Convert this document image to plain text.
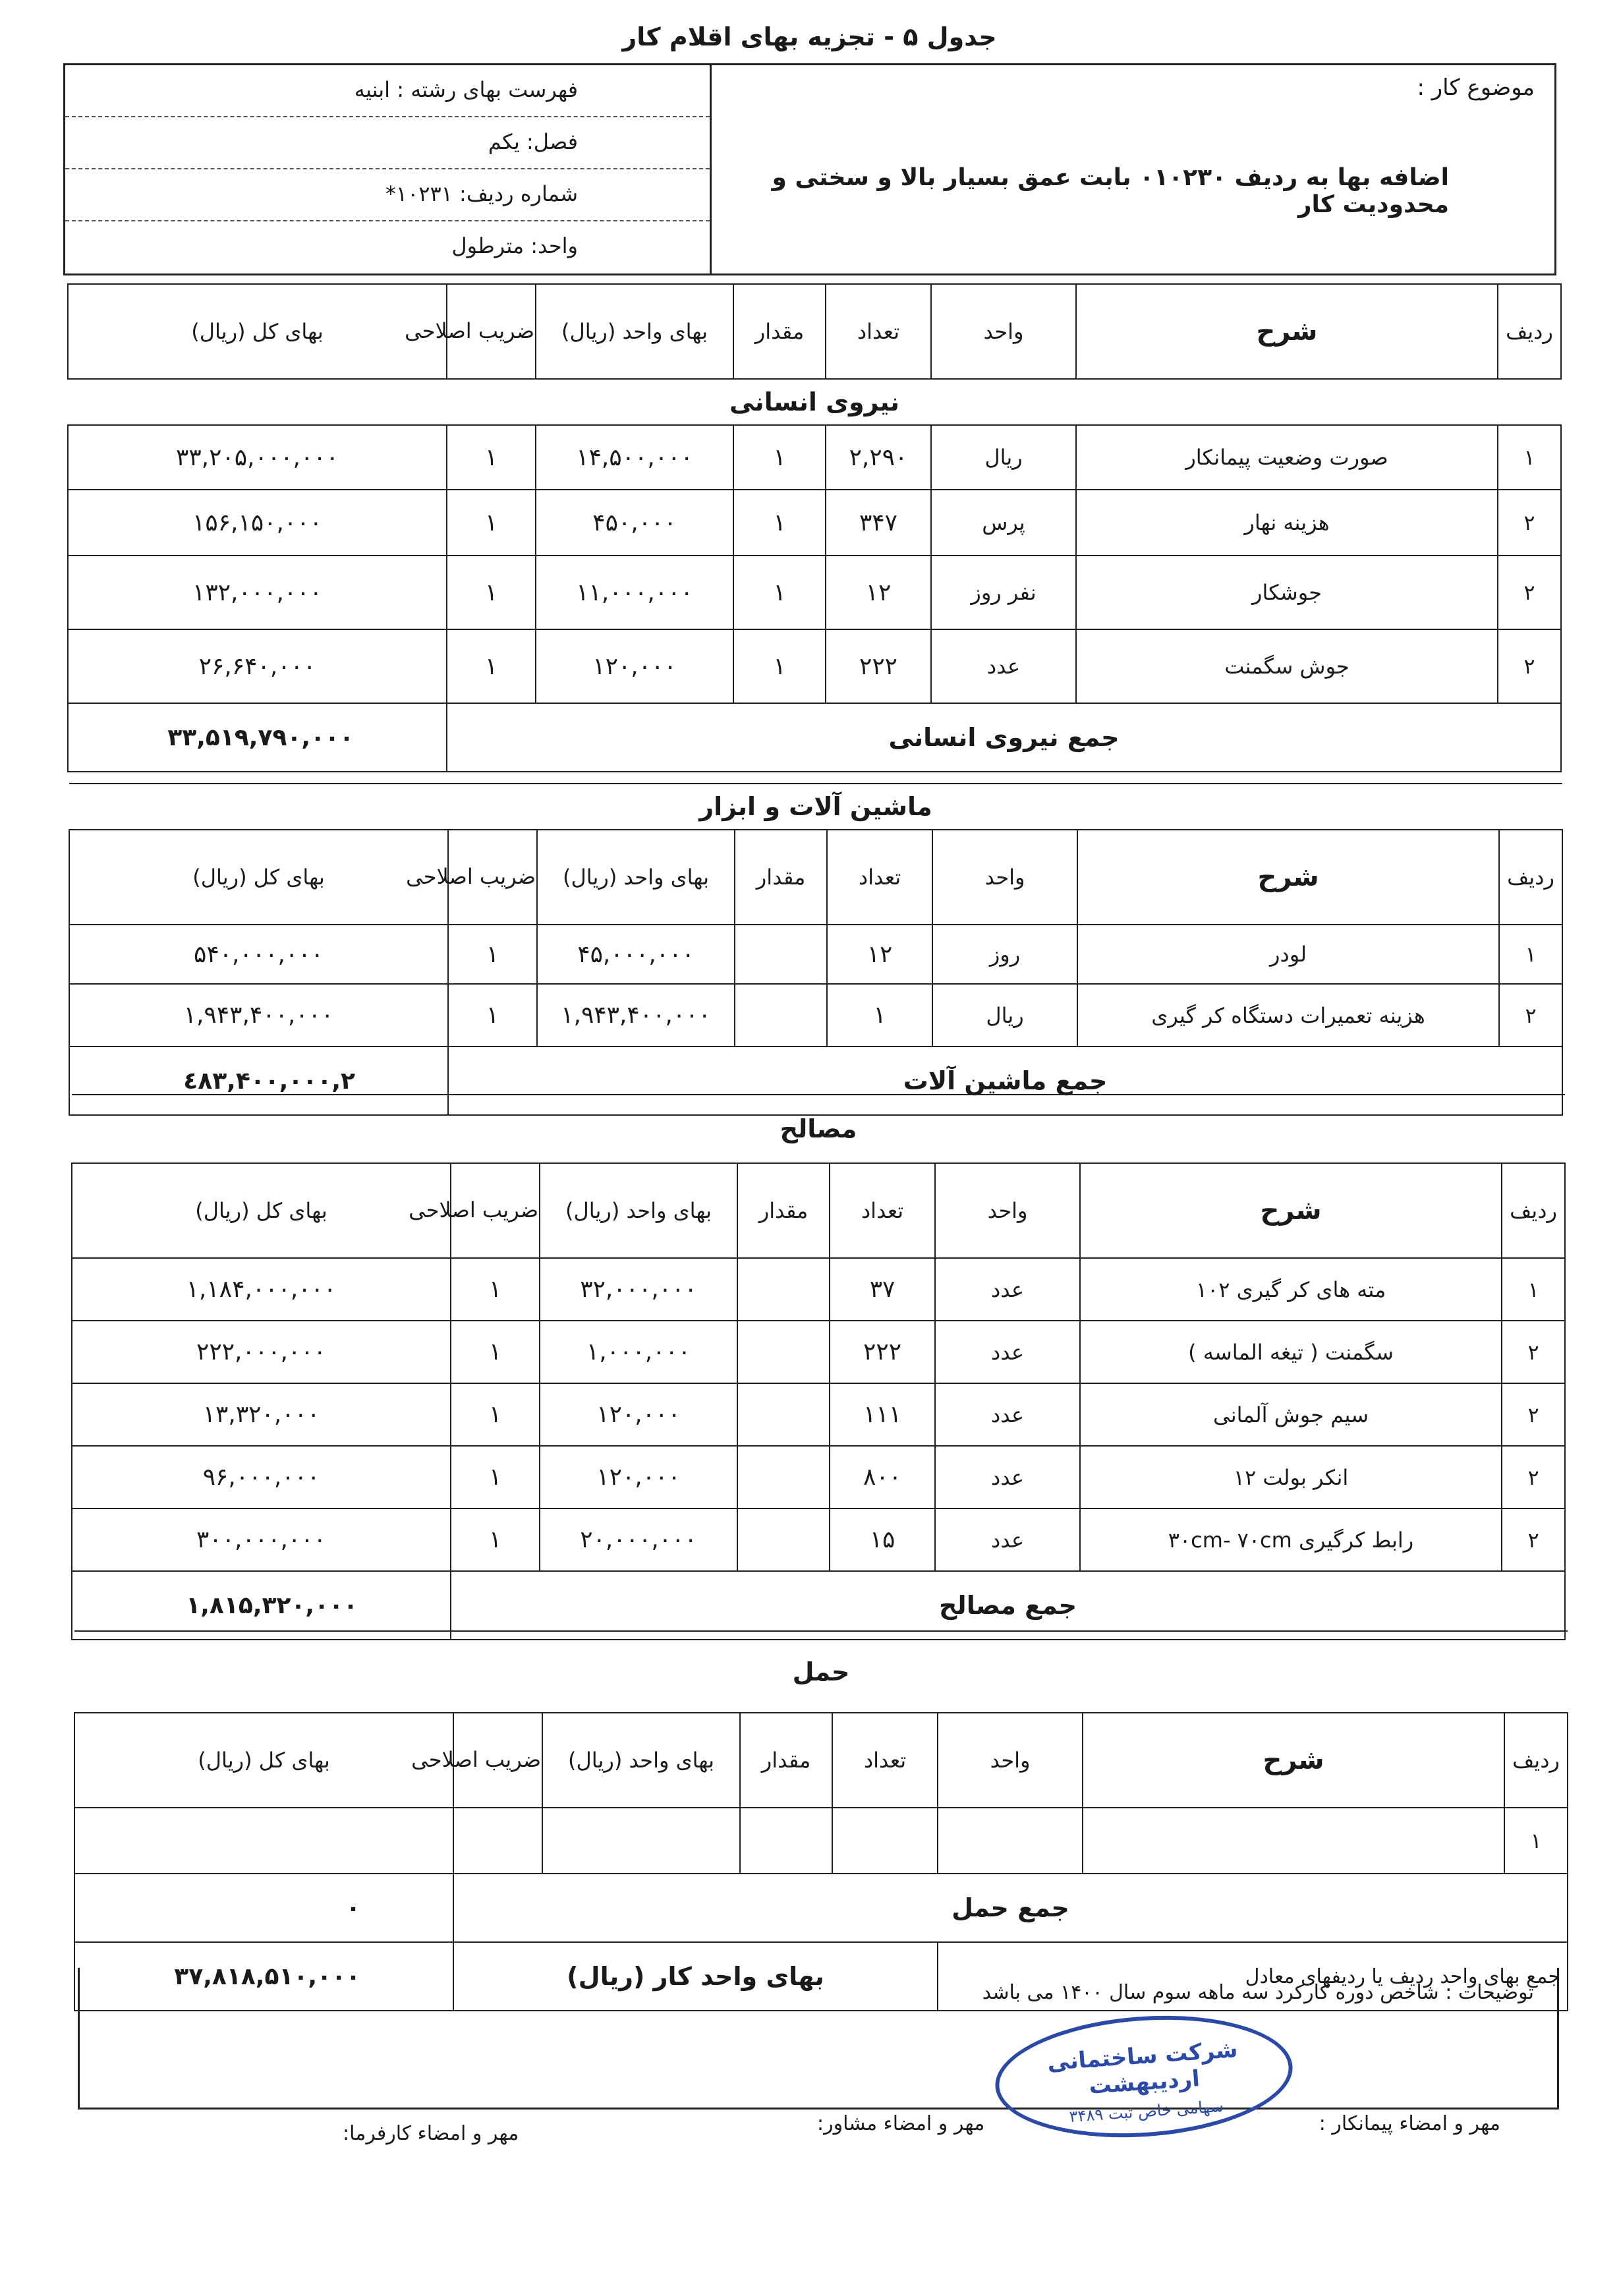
جدول ۵ - تجزیه بهای اقلام کار
فهرست بهای رشته : ابنیه
فصل: یکم
شماره ردیف: ۱۰۲۳۱*
واحد: مترطول
موضوع کار :
اضافه بها به ردیف ۰۱۰۲۳۰ بابت عمق بسیار بالا و سختی و محدودیت کار
ردیف	شرح	واحد	تعداد	مقدار	بهای واحد (ریال)	ضریب اصلاحی	بهای کل (ریال)
نیروی انسانی							
۱	صورت وضعیت پیمانکار	ریال	۲,۲۹۰	۱	۱۴,۵۰۰,۰۰۰	۱	۳۳,۲۰۵,۰۰۰,۰۰۰
۲	هزینه نهار	پرس	۳۴۷	۱	۴۵۰,۰۰۰	۱	۱۵۶,۱۵۰,۰۰۰
۲	جوشکار	نفر روز	۱۲	۱	۱۱,۰۰۰,۰۰۰	۱	۱۳۲,۰۰۰,۰۰۰
۲	جوش سگمنت	عدد	۲۲۲	۱	۱۲۰,۰۰۰	۱	۲۶,۶۴۰,۰۰۰
جمع نیروی انسانی							۳۳,۵۱۹,۷۹۰,۰۰۰
ماشین آلات و ابزار							
ردیف	شرح	واحد	تعداد	مقدار	بهای واحد (ریال)	ضریب اصلاحی	بهای کل (ریال)
۱	لودر	روز	۱۲		۴۵,۰۰۰,۰۰۰	۱	۵۴۰,۰۰۰,۰۰۰
۲	هزینه تعمیرات دستگاه کر گیری	ریال	۱		۱,۹۴۳,۴۰۰,۰۰۰	۱	۱,۹۴۳,۴۰۰,۰۰۰
جمع ماشین آلات							۲,٤۸۳,۴۰۰,۰۰۰
مصالح							
ردیف	شرح	واحد	تعداد	مقدار	بهای واحد (ریال)	ضریب اصلاحی	بهای کل (ریال)
۱	مته های کر گیری ۱۰۲	عدد	۳۷		۳۲,۰۰۰,۰۰۰	۱	۱,۱۸۴,۰۰۰,۰۰۰
۲	سگمنت ( تیغه الماسه )	عدد	۲۲۲		۱,۰۰۰,۰۰۰	۱	۲۲۲,۰۰۰,۰۰۰
۲	سیم جوش آلمانی	عدد	۱۱۱		۱۲۰,۰۰۰	۱	۱۳,۳۲۰,۰۰۰
۲	انکر بولت ۱۲	عدد	۸۰۰		۱۲۰,۰۰۰	۱	۹۶,۰۰۰,۰۰۰
۲	رابط کرگیری ۳۰cm- ۷۰cm	عدد	۱۵		۲۰,۰۰۰,۰۰۰	۱	۳۰۰,۰۰۰,۰۰۰
جمع مصالح							۱,۸۱۵,۳۲۰,۰۰۰
حمل							
ردیف	شرح	واحد	تعداد	مقدار	بهای واحد (ریال)	ضریب اصلاحی	بهای کل (ریال)
۱							
جمع حمل							۰
جمع بهای واحد ردیف یا ردیفهای معادل			بهای واحد کار (ریال)				۳۷,۸۱۸,۵۱۰,۰۰۰
توضیحات : شاخص دوره کارکرد سه ماهه سوم سال ۱۴۰۰ می باشد
شرکت ساختمانی اردیبهشت
سهامی خاص ثبت ۳۴۸۹
مهر و امضاء پیمانکار :
مهر و امضاء مشاور:
مهر و امضاء کارفرما:
